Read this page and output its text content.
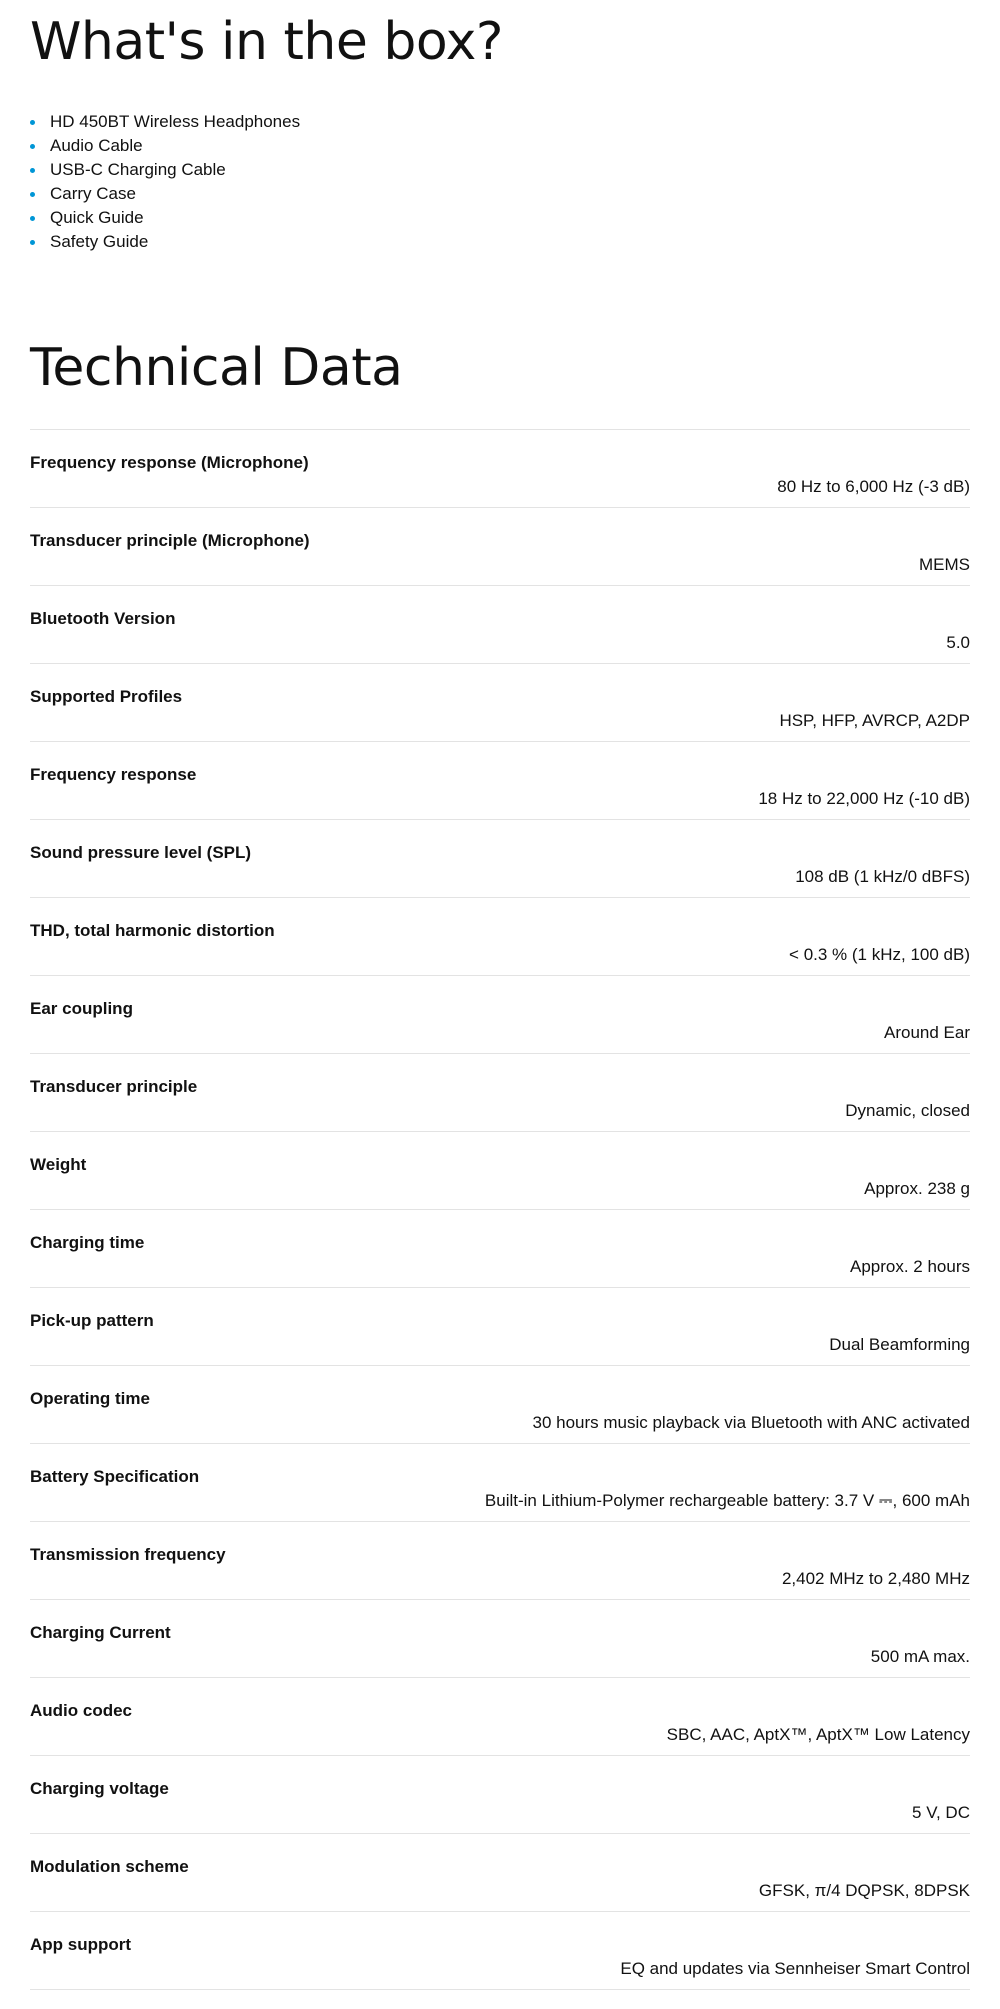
What's in the box?
HD 450BT Wireless Headphones
Audio Cable
USB-C Charging Cable
Carry Case
Quick Guide
Safety Guide
Technical Data
Frequency response (Microphone)
80 Hz to 6,000 Hz (-3 dB)
Transducer principle (Microphone)
MEMS
Bluetooth Version
5.0
Supported Profiles
HSP, HFP, AVRCP, A2DP
Frequency response
18 Hz to 22,000 Hz (-10 dB)
Sound pressure level (SPL)
108 dB (1 kHz/0 dBFS)
THD, total harmonic distortion
< 0.3 % (1 kHz, 100 dB)
Ear coupling
Around Ear
Transducer principle
Dynamic, closed
Weight
Approx. 238 g
Charging time
Approx. 2 hours
Pick-up pattern
Dual Beamforming
Operating time
30 hours music playback via Bluetooth with ANC activated
Battery Specification
Built-in Lithium-Polymer rechargeable battery: 3.7 V ⎓, 600 mAh
Transmission frequency
2,402 MHz to 2,480 MHz
Charging Current
500 mA max.
Audio codec
SBC, AAC, AptX™, AptX™ Low Latency
Charging voltage
5 V, DC
Modulation scheme
GFSK, π/4 DQPSK, 8DPSK
App support
EQ and updates via Sennheiser Smart Control
